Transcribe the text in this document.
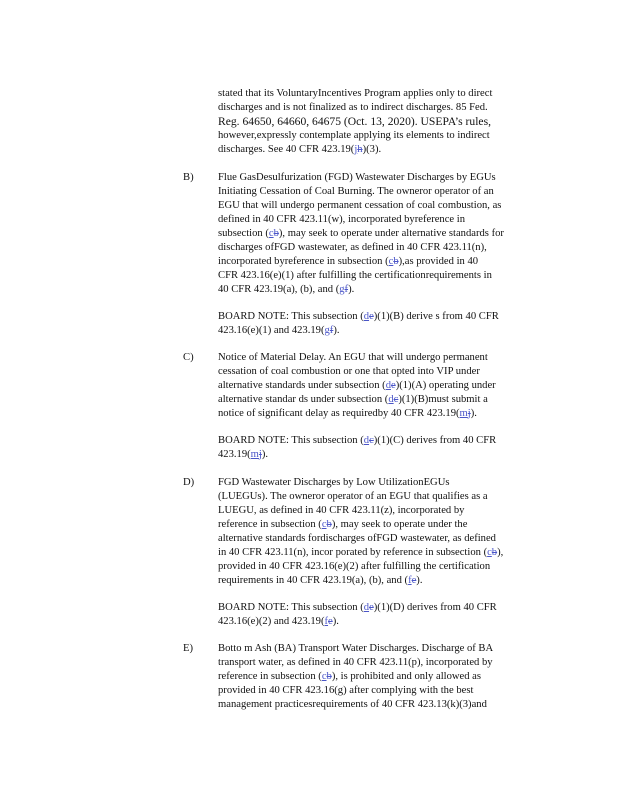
stated that its VoluntaryIncentives Program applies only to direct
discharges and is not finalized as to indirect discharges. 85 Fed.
Reg. 64650, 64660, 64675 (Oct. 13, 2020). USEPA’s rules,
however,expressly contemplate applying its elements to indirect
discharges. See 40 CFR 423.19(jh)(3).
B)	Flue GasDesulfurization (FGD) Wastewater Discharges by EGUs
Initiating Cessation of Coal Burning. The owneror operator of an
EGU that will undergo permanent cessation of coal combustion, as
defined in 40 CFR 423.11(w), incorporated byreference in
subsection (cb), may seek to operate under alternative standards for
discharges ofFGD wastewater, as defined in 40 CFR 423.11(n),
incorporated byreference in subsection (cb),as provided in 40
CFR 423.16(e)(1) after fulfilling the certificationrequirements in
40 CFR 423.19(a), (b), and (gf).
BOARD NOTE: This subsection (de)(1)(B) derive s from 40 CFR
423.16(e)(1) and 423.19(gf).
C)	Notice of Material Delay. An EGU that will undergo permanent
cessation of coal combustion or one that opted into VIP under
alternative standards under subsection (de)(1)(A) operating under
alternative standar ds under subsection (dc)(1)(B)must submit a
notice of significant delay as requiredby 40 CFR 423.19(mj).
BOARD NOTE: This subsection (dc)(1)(C) derives from 40 CFR
423.19(mj).
D)	FGD Wastewater Discharges by Low UtilizationEGUs
(LUEGUs). The owneror operator of an EGU that qualifies as a
LUEGU, as defined in 40 CFR 423.11(z), incorporated by
reference in subsection (cb), may seek to operate under the
alternative standards fordischarges ofFGD wastewater, as defined
in 40 CFR 423.11(n), incor porated by reference in subsection (cb),
provided in 40 CFR 423.16(e)(2) after fulfilling the certification
requirements in 40 CFR 423.19(a), (b), and (fe).
BOARD NOTE: This subsection (de)(1)(D) derives from 40 CFR
423.16(e)(2) and 423.19(fe).
E)	Botto m Ash (BA) Transport Water Discharges. Discharge of BA
transport water, as defined in 40 CFR 423.11(p), incorporated by
reference in subsection (cb), is prohibited and only allowed as
provided in 40 CFR 423.16(g) after complying with the best
management practicesrequirements of 40 CFR 423.13(k)(3)and
